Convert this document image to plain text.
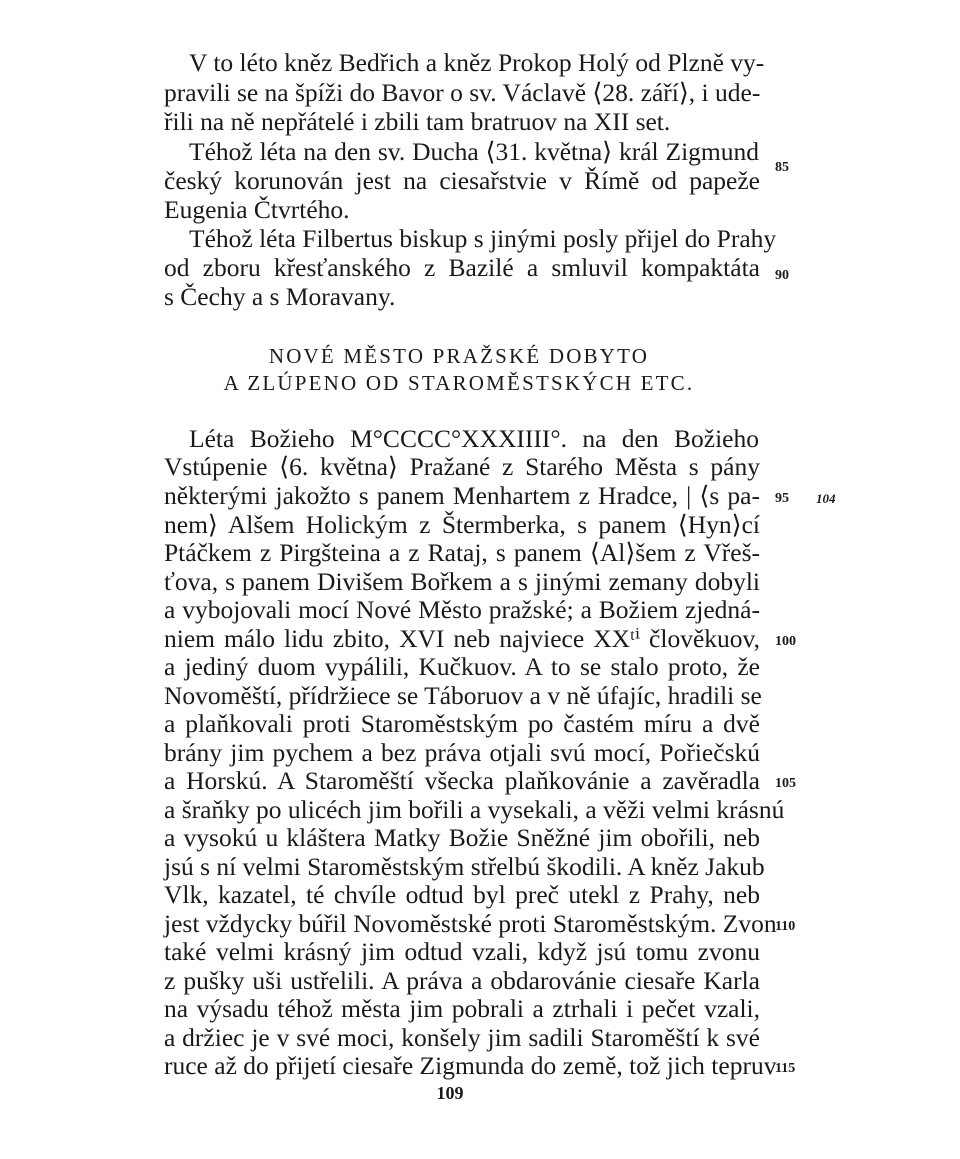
V to léto kněz Bedřich a kněz Prokop Holý od Plzně vy-
pravili se na špíži do Bavor o sv. Václavě ⟨28. září⟩, i ude-
řili na ně nepřátelé i zbili tam bratruov na XII set.
Téhož léta na den sv. Ducha ⟨31. května⟩ král Zigmund
český korunován jest na ciesařstvie v Římě od papeže
Eugenia Čtvrtého.
Téhož léta Filbertus biskup s jinými posly přijel do Prahy
od zboru křesťanského z Bazilé a smluvil kompaktáta
s Čechy a s Moravany.
85
90
NOVÉ MĚSTO PRAŽSKÉ DOBYTO
A ZLÚPENO OD STAROMĚSTSKÝCH ETC.
Léta Božieho M°CCCC°XXXIIII°. na den Božieho
Vstúpenie ⟨6. května⟩ Pražané z Starého Města s pány
některými jakožto s panem Menhartem z Hradce, | ⟨s pa-
nem⟩ Alšem Holickým z Štermberka, s panem ⟨Hyn⟩cí
Ptáčkem z Pirgšteina a z Rataj, s panem ⟨Al⟩šem z Vřeš-
ťova, s panem Divišem Bořkem a s jinými zemany dobyli
a vybojovali mocí Nové Město pražské; a Božiem zjedná-
niem málo lidu zbito, XVI neb najviece XXᵗⁱ člověkuov,
a jediný duom vypálili, Kučkuov. A to se stalo proto, že
Novoměští, přídržiece se Táboruov a v ně úfajíc, hradili se
a plaňkovali proti Staroměstským po častém míru a dvě
brány jim pychem a bez práva otjali svú mocí, Pořiečskú
a Horskú. A Staroměští všecka plaňkovánie a zavěradla
a šraňky po ulicéch jim bořili a vysekali, a věži velmi krásnú
a vysokú u kláštera Matky Božie Sněžné jim obořili, neb
jsú s ní velmi Staroměstským střelbú škodili. A kněz Jakub
Vlk, kazatel, té chvíle odtud byl preč utekl z Prahy, neb
jest vždycky búřil Novoměstské proti Staroměstským. Zvon
také velmi krásný jim odtud vzali, když jsú tomu zvonu
z pušky uši ustřelili. A práva a obdarovánie ciesaře Karla
na výsadu téhož města jim pobrali a ztrhali i pečet vzali,
a držiec je v své moci, konšely jim sadili Staroměští k své
ruce až do přijetí ciesaře Zigmunda do země, tož jich tepruv
95 104
100
105
110
115
109
